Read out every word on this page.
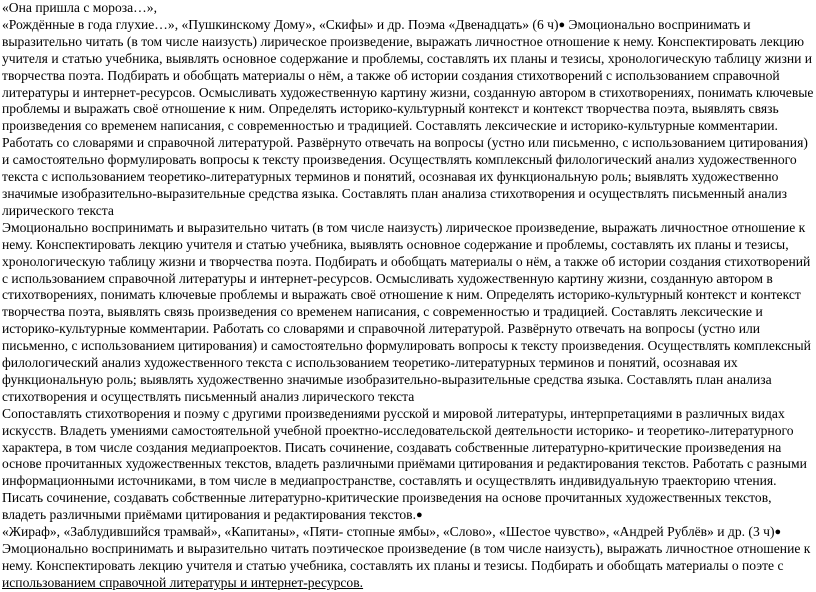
«Она пришла с мороза…»,

«Рождённые в года глухие…», «Пушкинскому Дому», «Скифы» и др. Поэма «Двенадцать» (6 ч)● Эмоционально воспринимать и выразительно читать (в том числе наизусть) лирическое произведение, выражать личностное отношение к нему. Конспектировать лекцию учителя и статью учебника, выявлять основное содержание и проблемы, составлять их планы и тезисы, хронологическую таблицу жизни и творчества поэта. Подбирать и обобщать материалы о нём, а также об истории создания стихотворений с использованием справочной литературы и интернет-ресурсов. Осмысливать художественную картину жизни, созданную автором в стихотворениях, понимать ключевые проблемы и выражать своё отношение к ним. Определять историко-культурный контекст и контекст творчества поэта, выявлять связь произведения со временем написания, с современностью и традицией. Составлять лексические и историко-культурные комментарии. Работать со словарями и справочной литературой. Развёрнуто отвечать на вопросы (устно или письменно, с использованием цитирования) и самостоятельно формулировать вопросы к тексту произведения. Осуществлять комплексный филологический анализ художественного текста с использованием теоретико-литературных терминов и понятий, осознавая их функциональную роль; выявлять художественно значимые изобразительно-выразительные средства языка. Составлять план анализа стихотворения и осуществлять письменный анализ лирического текста

Эмоционально воспринимать и выразительно читать (в том числе наизусть) лирическое произведение, выражать личностное отношение к нему. Конспектировать лекцию учителя и статью учебника, выявлять основное содержание и проблемы, составлять их планы и тезисы, хронологическую таблицу жизни и творчества поэта. Подбирать и обобщать материалы о нём, а также об истории создания стихотворений с использованием справочной литературы и интернет-ресурсов. Осмысливать художественную картину жизни, созданную автором в стихотворениях, понимать ключевые проблемы и выражать своё отношение к ним. Определять историко-культурный контекст и контекст творчества поэта, выявлять связь произведения со временем написания, с современностью и традицией. Составлять лексические и историко-культурные комментарии. Работать со словарями и справочной литературой. Развёрнуто отвечать на вопросы (устно или письменно, с использованием цитирования) и самостоятельно формулировать вопросы к тексту произведения. Осуществлять комплексный филологический анализ художественного текста с использованием теоретико-литературных терминов и понятий, осознавая их функциональную роль; выявлять художественно значимые изобразительно-выразительные средства языка. Составлять план анализа стихотворения и осуществлять письменный анализ лирического текста

Сопоставлять стихотворения и поэму с другими произведениями русской и мировой литературы, интерпретациями в различных видах искусств. Владеть умениями самостоятельной учебной проектно-исследовательской деятельности историко- и теоретико-литературного характера, в том числе создания медиапроектов. Писать сочинение, создавать собственные литературно-критические произведения на основе прочитанных художественных текстов, владеть различными приёмами цитирования и редактирования текстов. Работать с разными информационными источниками, в том числе в медиапространстве, составлять и осуществлять индивидуальную траекторию чтения. Писать сочинение, создавать собственные литературно-критические произведения на основе прочитанных художественных текстов, владеть различными приёмами цитирования и редактирования текстов.●

«Жираф», «Заблудившийся трамвай», «Капитаны», «Пяти- стопные ямбы», «Слово», «Шестое чувство», «Андрей Рублёв» и др. (3 ч)● Эмоционально воспринимать и выразительно читать поэтическое произведение (в том числе наизусть), выражать личностное отношение к нему. Конспектировать лекцию учителя и статью учебника, составлять их планы и тезисы. Подбирать и обобщать материалы о поэте с использованием справочной литературы и интернет-ресурсов.
